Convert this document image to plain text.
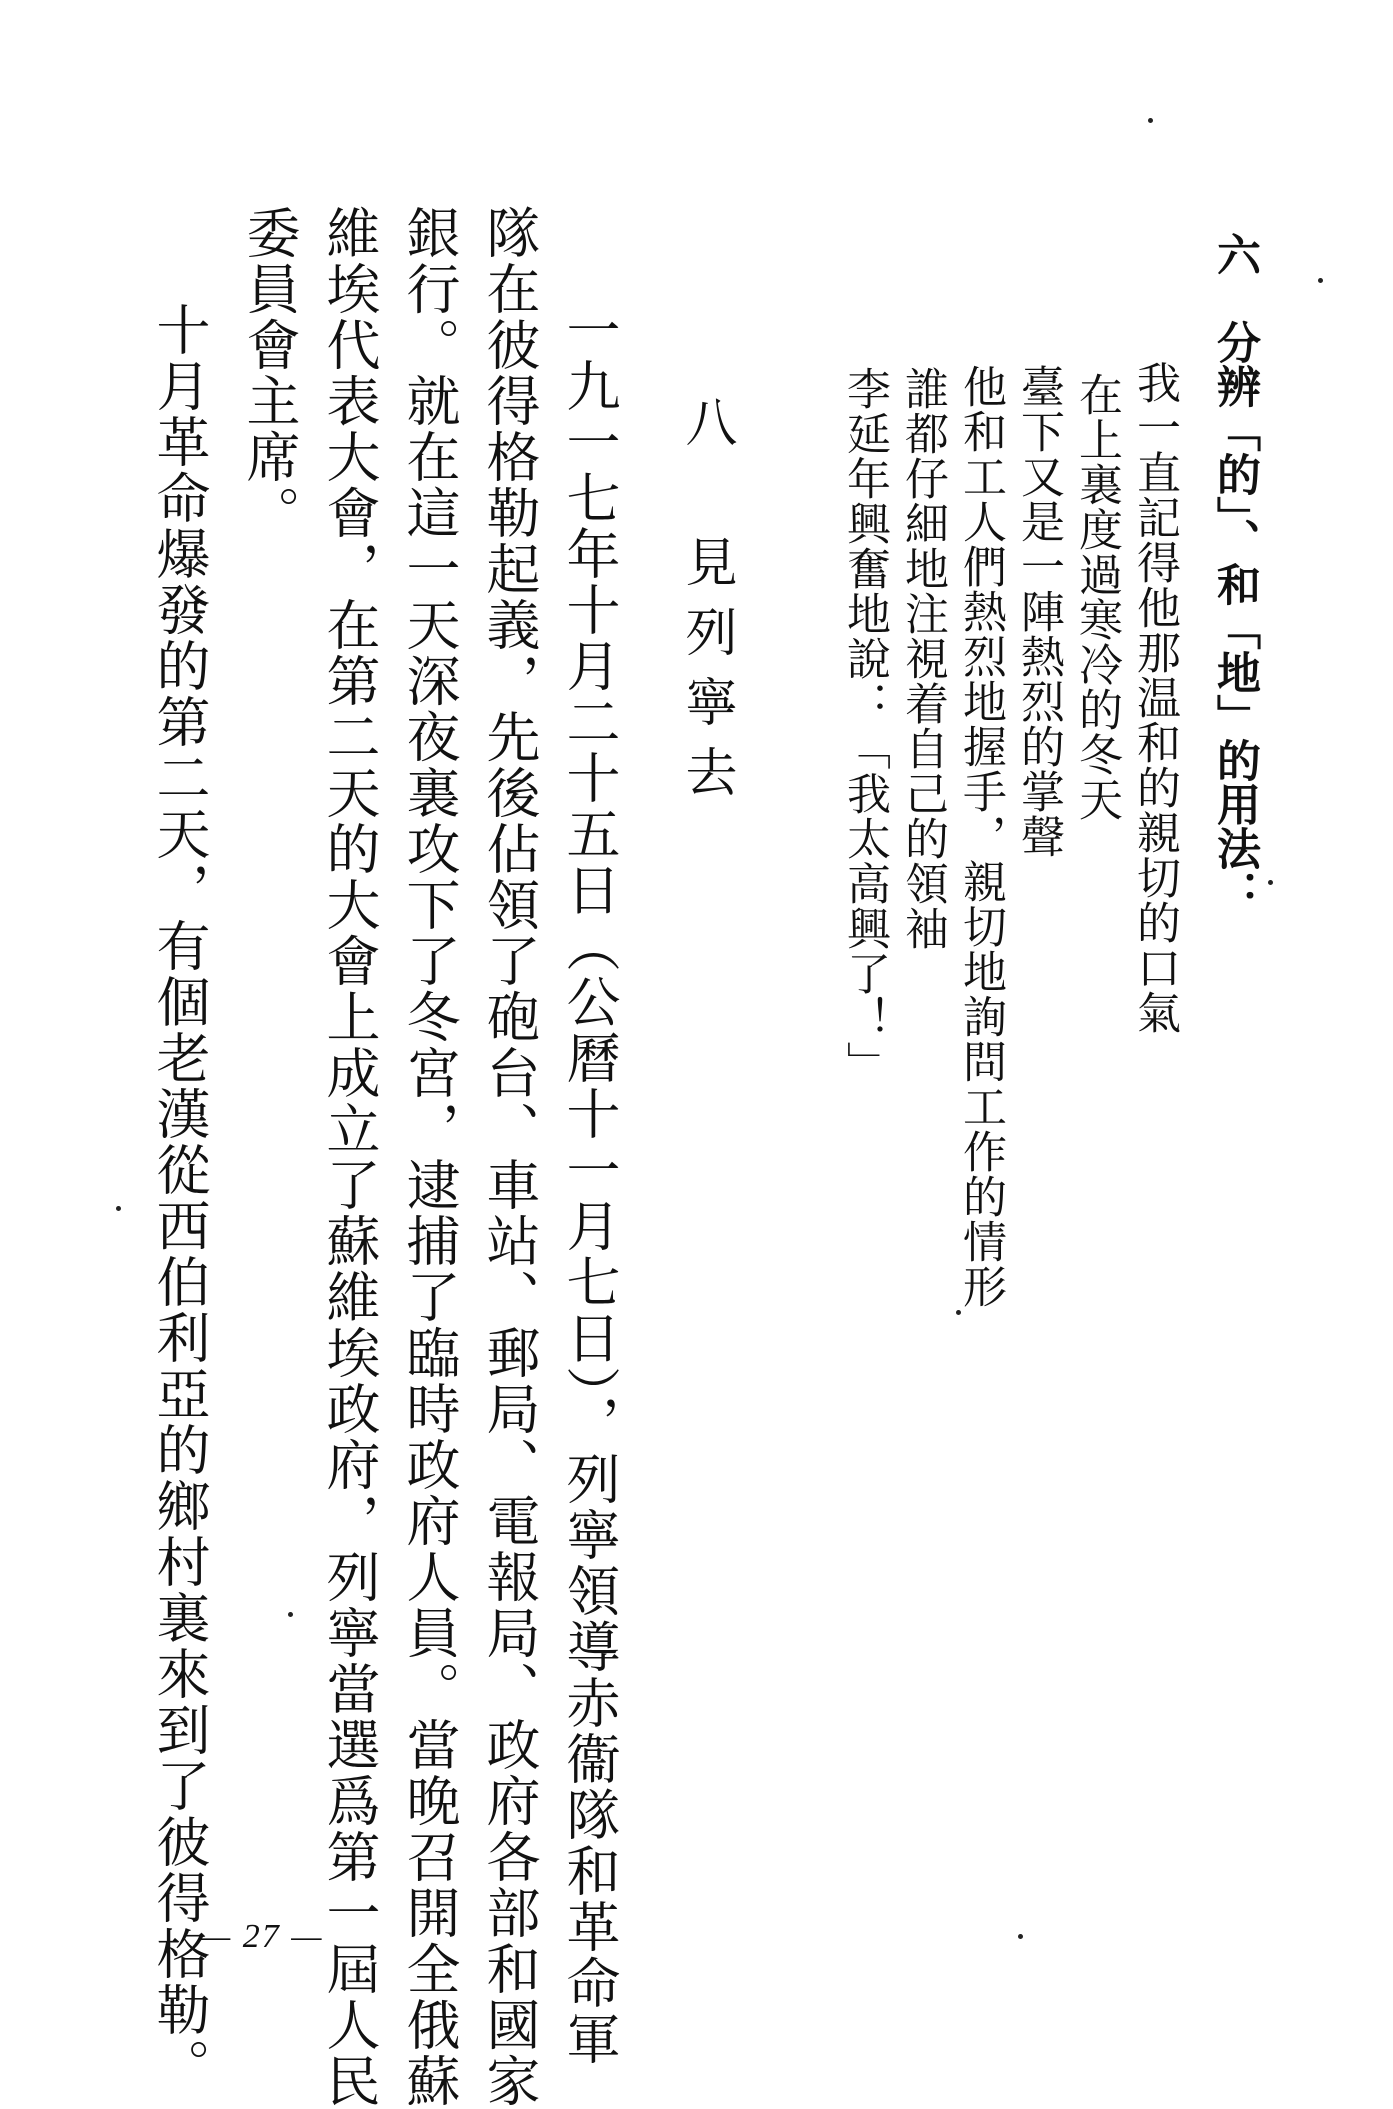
六　分辨「的」、和「地」的用法：
我一直記得他那温和的親切的口氣
在上裏度過寒冷的冬天
臺下又是一陣熱烈的掌聲
他和工人們熱烈地握手，親切地詢問工作的情形
誰都仔細地注視着自己的領袖
李延年興奮地說：「我太高興了！」
八　見列寧去
一九一七年十月二十五日（公曆十一月七日），列寧領導赤衞隊和革命軍
隊在彼得格勒起義，先後佔領了砲台、車站、郵局、電報局、政府各部和國家
銀行。就在這一天深夜裏攻下了冬宮，逮捕了臨時政府人員。當晚召開全俄蘇
維埃代表大會，在第二天的大會上成立了蘇維埃政府，列寧當選爲第一屆人民
委員會主席。
十月革命爆發的第二天，有個老漢從西伯利亞的鄉村裏來到了彼得格勒。
— 27 —
